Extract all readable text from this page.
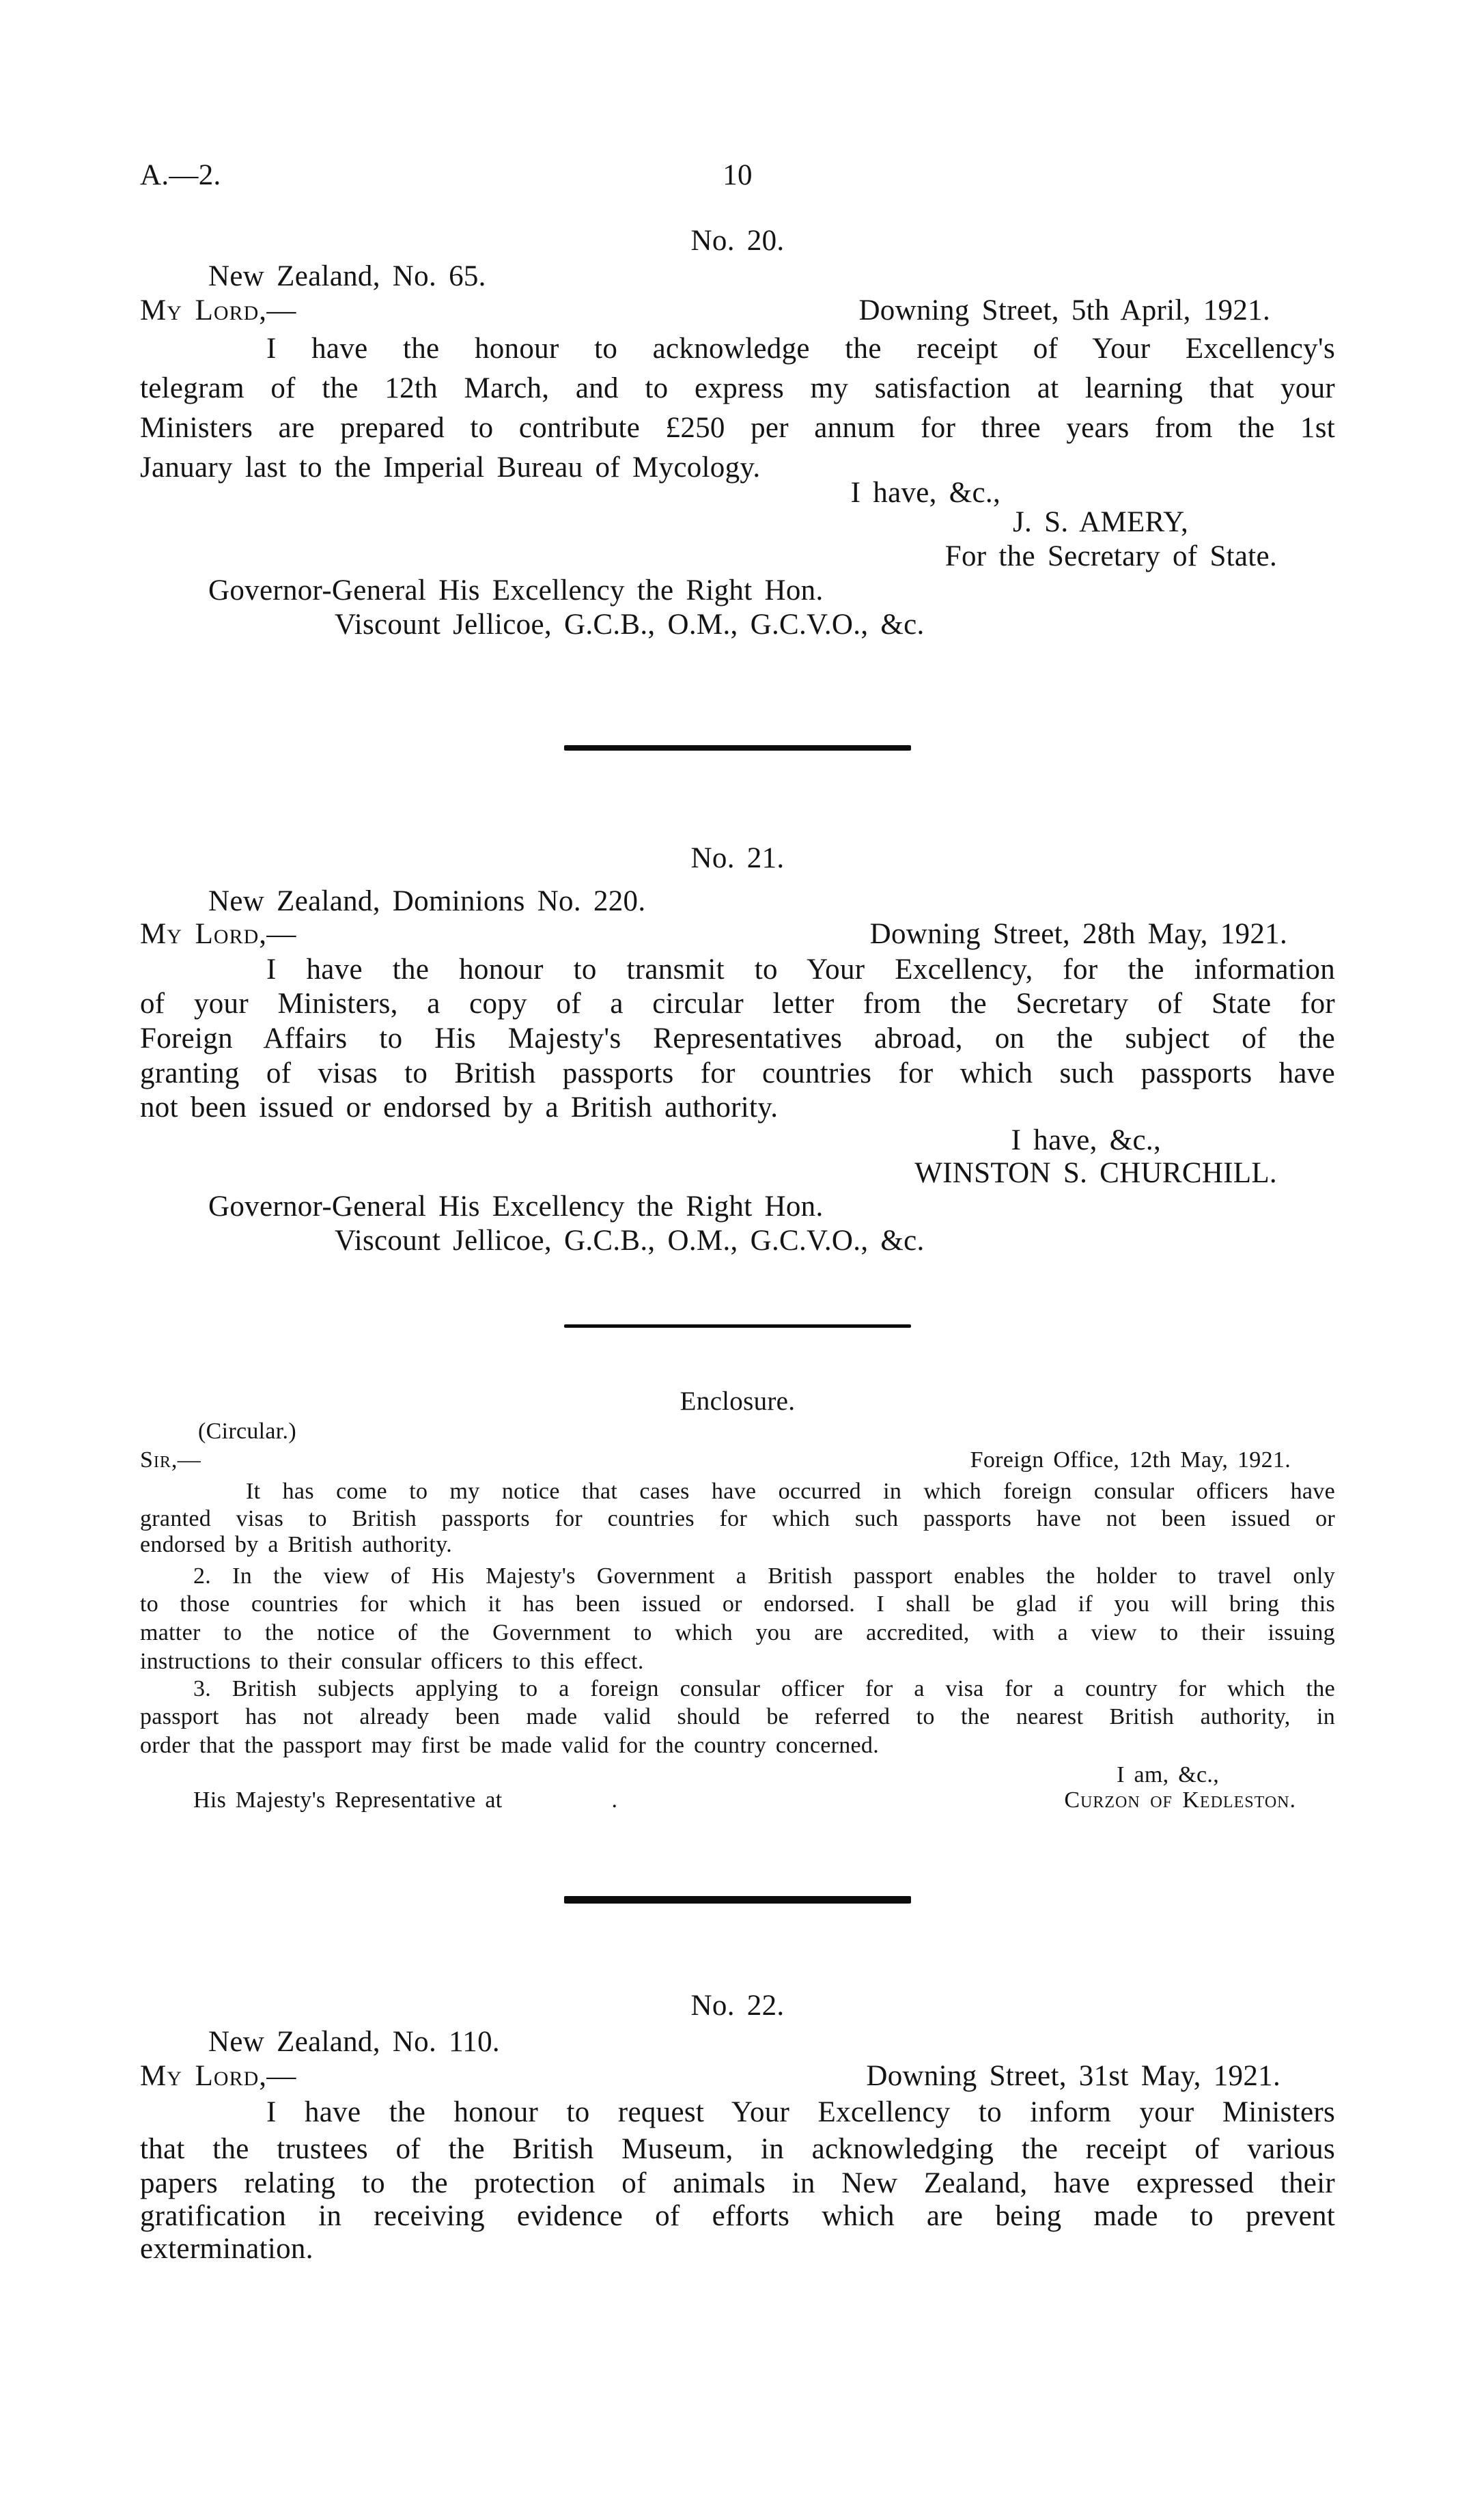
A.—2.	10
No. 20.
New Zealand, No. 65.
My Lord,—	Downing Street, 5th April, 1921.
I have the honour to acknowledge the receipt of Your Excellency's
telegram of the 12th March, and to express my satisfaction at learning that your
Ministers are prepared to contribute £250 per annum for three years from the 1st
January last to the Imperial Bureau of Mycology.
I have, &c.,
J. S. AMERY,
For the Secretary of State.
Governor-General His Excellency the Right Hon.
Viscount Jellicoe, G.C.B., O.M., G.C.V.O., &c.
No. 21.
New Zealand, Dominions No. 220.
My Lord,—	Downing Street, 28th May, 1921.
I have the honour to transmit to Your Excellency, for the information
of your Ministers, a copy of a circular letter from the Secretary of State for
Foreign Affairs to His Majesty's Representatives abroad, on the subject of the
granting of visas to British passports for countries for which such passports have
not been issued or endorsed by a British authority.
I have, &c.,
WINSTON S. CHURCHILL.
Governor-General His Excellency the Right Hon.
Viscount Jellicoe, G.C.B., O.M., G.C.V.O., &c.
Enclosure.
(Circular.)
Sir,—	Foreign Office, 12th May, 1921.
It has come to my notice that cases have occurred in which foreign consular officers have
granted visas to British passports for countries for which such passports have not been issued or
endorsed by a British authority.
2. In the view of His Majesty's Government a British passport enables the holder to travel only
to those countries for which it has been issued or endorsed. I shall be glad if you will bring this
matter to the notice of the Government to which you are accredited, with a view to their issuing
instructions to their consular officers to this effect.
3. British subjects applying to a foreign consular officer for a visa for a country for which the
passport has not already been made valid should be referred to the nearest British authority, in
order that the passport may first be made valid for the country concerned.
I am, &c.,
His Majesty's Representative at	.	Curzon of Kedleston.
No. 22.
New Zealand, No. 110.
My Lord,—	Downing Street, 31st May, 1921.
I have the honour to request Your Excellency to inform your Ministers
that the trustees of the British Museum, in acknowledging the receipt of various
papers relating to the protection of animals in New Zealand, have expressed their
gratification in receiving evidence of efforts which are being made to prevent
extermination.
